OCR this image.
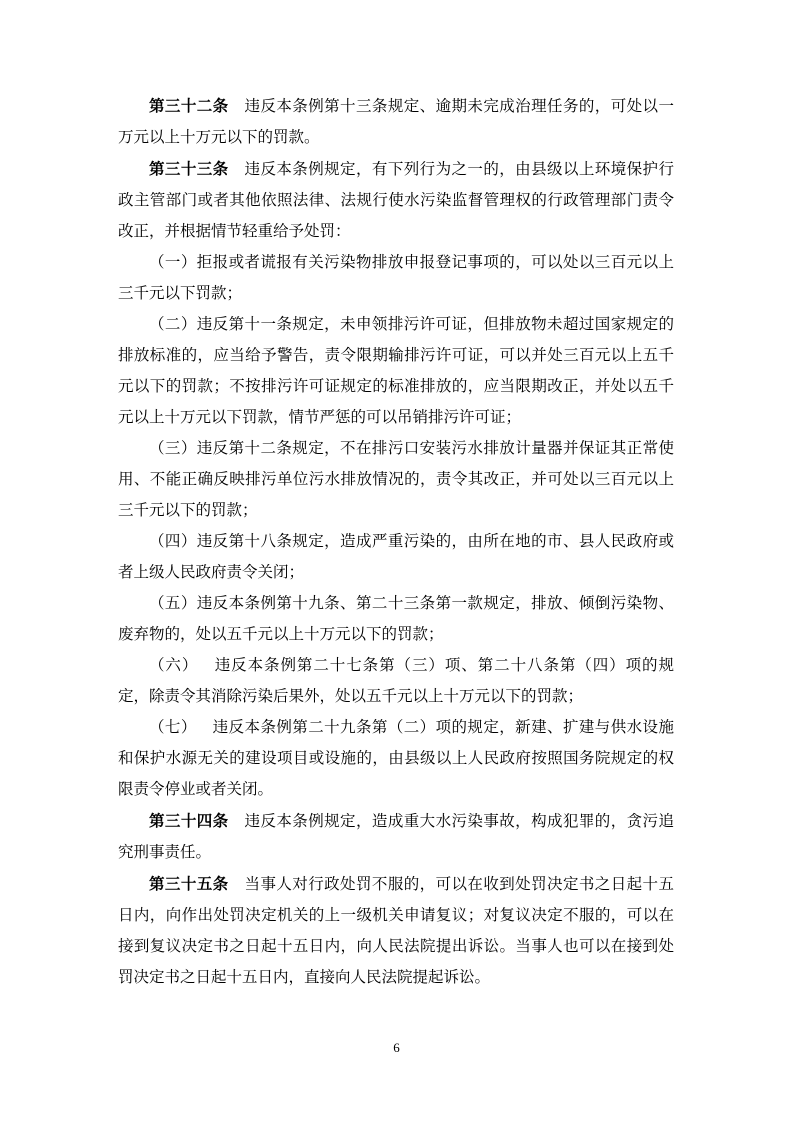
第三十二条 违反本条例第十三条规定、逾期未完成治理任务的，可处以一万元以上十万元以下的罚款。

第三十三条 违反本条例规定，有下列行为之一的，由县级以上环境保护行政主管部门或者其他依照法律、法规行使水污染监督管理权的行政管理部门责令改正，并根据情节轻重给予处罚：

（一）拒报或者谎报有关污染物排放申报登记事项的，可以处以三百元以上三千元以下罚款；

（二）违反第十一条规定，未申领排污许可证，但排放物未超过国家规定的排放标准的，应当给予警告，责令限期输排污许可证，可以并处三百元以上五千元以下的罚款；不按排污许可证规定的标准排放的，应当限期改正，并处以五千元以上十万元以下罚款，情节严惩的可以吊销排污许可证；

（三）违反第十二条规定，不在排污口安装污水排放计量器并保证其正常使用、不能正确反映排污单位污水排放情况的，责令其改正，并可处以三百元以上三千元以下的罚款；

（四）违反第十八条规定，造成严重污染的，由所在地的市、县人民政府或者上级人民政府责令关闭；

（五）违反本条例第十九条、第二十三条第一款规定，排放、倾倒污染物、废弃物的，处以五千元以上十万元以下的罚款；

（六） 违反本条例第二十七条第（三）项、第二十八条第（四）项的规定，除责令其消除污染后果外，处以五千元以上十万元以下的罚款；

（七） 违反本条例第二十九条第（二）项的规定，新建、扩建与供水设施和保护水源无关的建设项目或设施的，由县级以上人民政府按照国务院规定的权限责令停业或者关闭。

第三十四条 违反本条例规定，造成重大水污染事故，构成犯罪的，贪污追究刑事责任。

第三十五条 当事人对行政处罚不服的，可以在收到处罚决定书之日起十五日内，向作出处罚决定机关的上一级机关申请复议；对复议决定不服的，可以在接到复议决定书之日起十五日内，向人民法院提出诉讼。当事人也可以在接到处罚决定书之日起十五日内，直接向人民法院提起诉讼。

6
